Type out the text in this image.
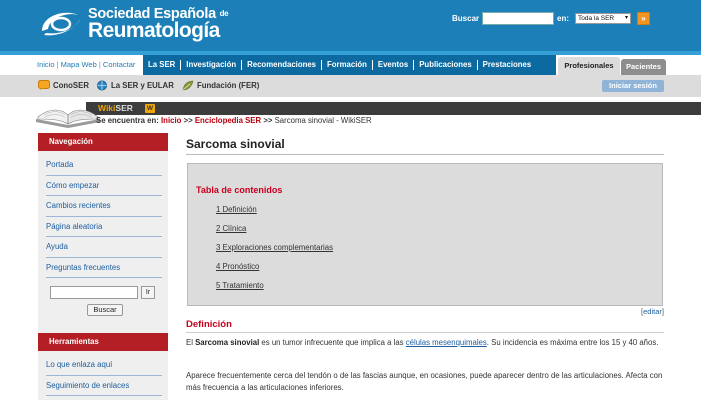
Sociedad Española de
Reumatología
Buscar	en:	Toda la SER ▾	»
Inicio | Mapa Web | Contactar	La SER	Investigación	Recomendaciones	Formación	Eventos	Publicaciones	Prestaciones	Profesionales	Pacientes
ConoSER	La SER y EULAR	Fundación (FER)	Iniciar sesión
WikiSER W
Se encuentra en: Inicio >> Enciclopedia SER >> Sarcoma sinovial - WikiSER
Navegación
Portada
Cómo empezar
Cambios recientes
Página aleatoria
Ayuda
Preguntas frecuentes
Ir
Buscar
Herramientas
Lo que enlaza aquí
Seguimiento de enlaces
Sarcoma sinovial
Tabla de contenidos
1 Definición
2 Clínica
3 Exploraciones complementarias
4 Pronóstico
5 Tratamiento
[editar]
Definición
El Sarcoma sinovial es un tumor infrecuente que implica a las células mesenquimales. Su incidencia es máxima entre los 15 y 40 años.
Aparece frecuentemente cerca del tendón o de las fascias aunque, en ocasiones, puede aparecer dentro de las articulaciones. Afecta con más frecuencia a las articulaciones inferiores.
